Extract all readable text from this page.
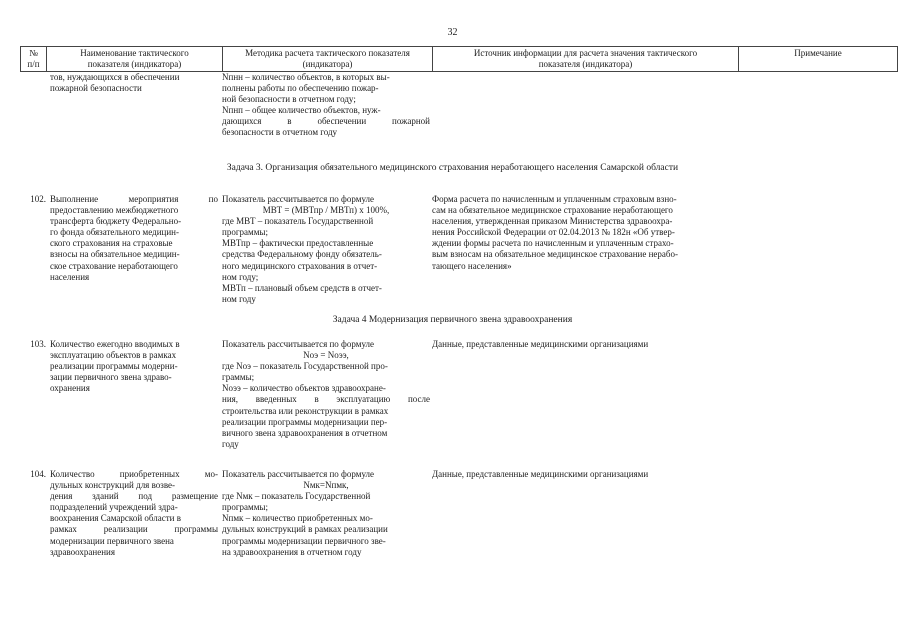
32
№
п/п
Наименование тактического
показателя (индикатора)
Методика расчета тактического показателя
(индикатора)
Источник информации для расчета значения тактического
показателя (индикатора)
Примечание
тов, нуждающихся в обеспечении
пожарной безопасности
Nпнн – количество объектов, в которых вы-
полнены работы по обеспечению пожар-
ной безопасности в отчетном году;
Nпнп – общее количество объектов, нуж-
дающихся в обеспечении пожарной
безопасности в отчетном году
Задача 3. Организация обязательного медицинского страхования неработающего населения Самарской области
102. Выполнение мероприятия по
предоставлению межбюджетного
трансферта бюджету Федерально-
го фонда обязательного медицин-
ского страхования на страховые
взносы на обязательное медицин-
ское страхование неработающего
населения
Показатель рассчитывается по формуле
МВТ = (МВТпр / МВТп) х 100%,
где МВТ – показатель Государственной
программы;
МВТпр – фактически предоставленные
средства Федеральному фонду обязатель-
ного медицинского страхования в отчет-
ном году;
МВТп – плановый объем средств в отчет-
ном году
Форма расчета по начисленным и уплаченным страховым взно-
сам на обязательное медицинское страхование неработающего
населения, утвержденная приказом Министерства здравоохра-
нения Российской Федерации от 02.04.2013 № 182н «Об утвер-
ждении формы расчета по начисленным и уплаченным страхо-
вым взносам на обязательное медицинское страхование нерабо-
тающего населения»
Задача 4 Модернизация первичного звена здравоохранения
103. Количество ежегодно вводимых в
эксплуатацию объектов в рамках
реализации программы модерни-
зации первичного звена здраво-
охранения
Показатель рассчитывается по формуле
Nоэ = Nоээ,
где Nоэ – показатель Государственной про-
граммы;
Nоээ – количество объектов здравоохране-
ния, введенных в эксплуатацию после
строительства или реконструкции в рамках
реализации программы модернизации пер-
вичного звена здравоохранения в отчетном
году
Данные, представленные медицинскими организациями
104. Количество приобретенных мо-
дульных конструкций для возве-
дения зданий под размещение
подразделений учреждений здра-
воохранения Самарской области в
рамках реализации программы
модернизации первичного звена
здравоохранения
Показатель рассчитывается по формуле
Nмк=Nпмк,
где Nмк – показатель Государственной
программы;
Nпмк – количество приобретенных мо-
дульных конструкций в рамках реализации
программы модернизации первичного зве-
на здравоохранения в отчетном году
Данные, представленные медицинскими организациями
